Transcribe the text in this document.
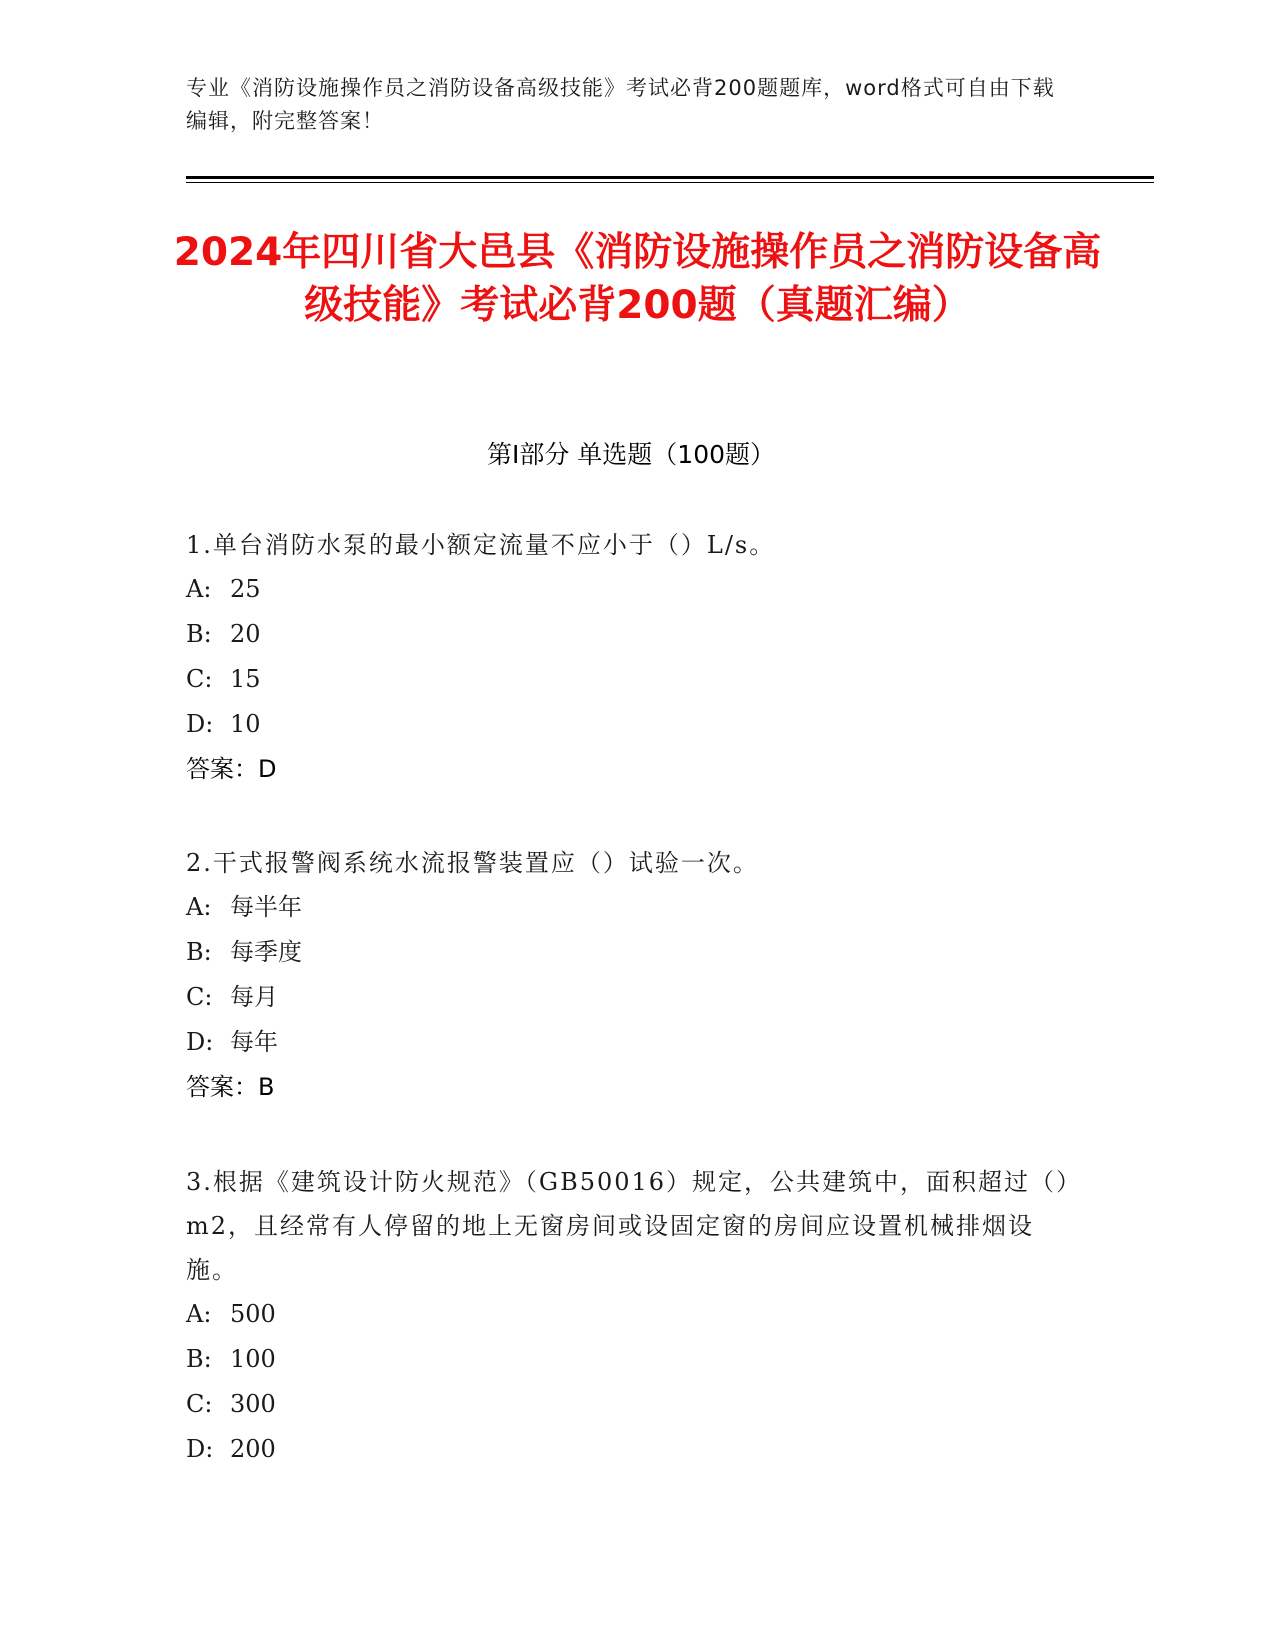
专业《消防设施操作员之消防设备高级技能》考试必背200题题库，word格式可自由下载编辑，附完整答案！
2024年四川省大邑县《消防设施操作员之消防设备高级技能》考试必背200题（真题汇编）
第I部分 单选题（100题）

1.单台消防水泵的最小额定流量不应小于（）L/s。

A: 25

B: 20

C: 15

D: 10

答案：D

2.干式报警阀系统水流报警装置应（）试验一次。

A: 每半年

B: 每季度

C: 每月

D: 每年

答案：B

3.根据《建筑设计防火规范》（GB50016）规定，公共建筑中，面积超过（）m2，且经常有人停留的地上无窗房间或设固定窗的房间应设置机械排烟设施。

A: 500

B: 100

C: 300

D: 200
